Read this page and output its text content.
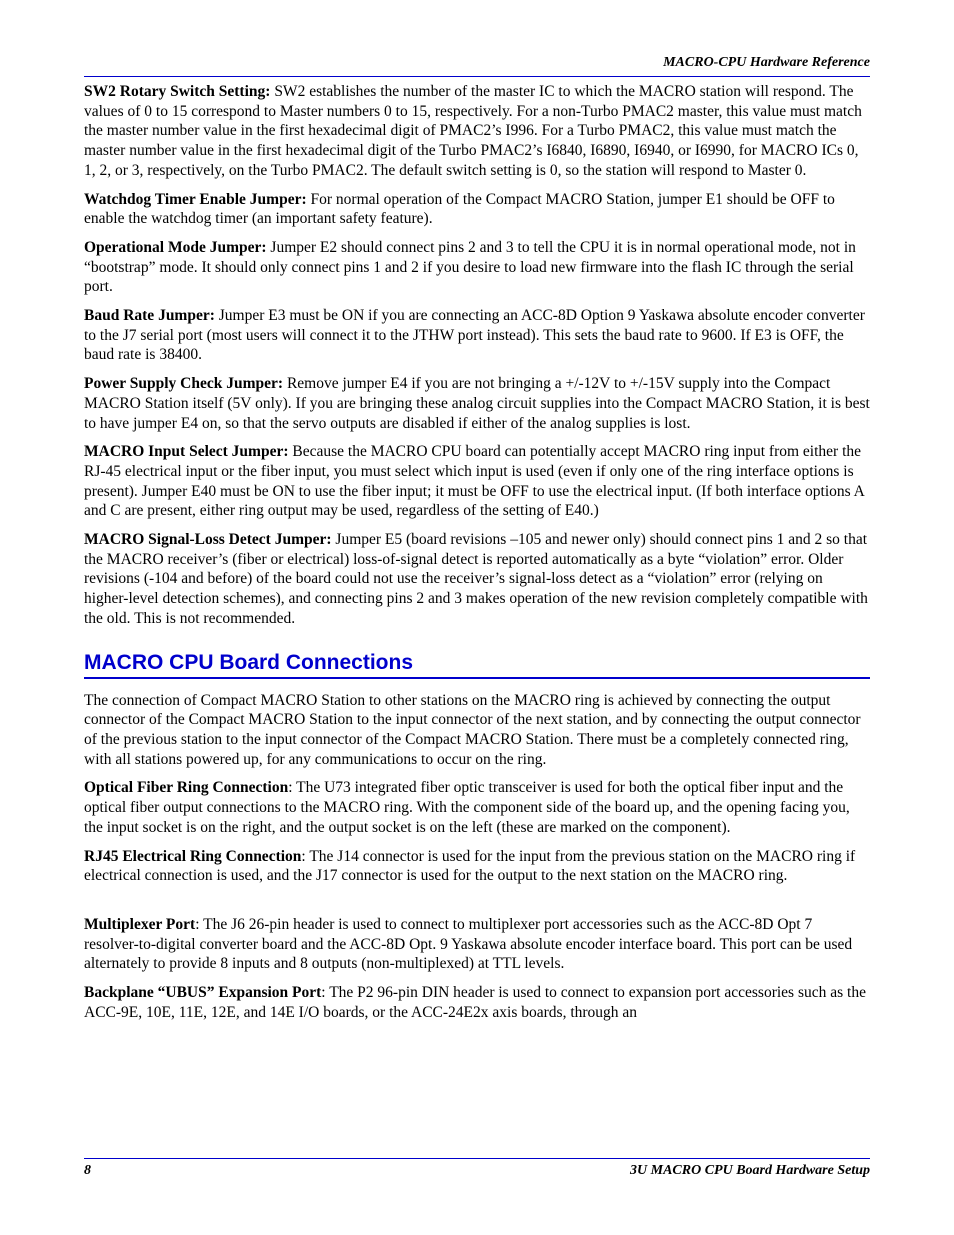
MACRO-CPU Hardware Reference

SW2 Rotary Switch Setting: SW2 establishes the number of the master IC to which the MACRO station will respond. The values of 0 to 15 correspond to Master numbers 0 to 15, respectively. For a non-Turbo PMAC2 master, this value must match the master number value in the first hexadecimal digit of PMAC2’s I996. For a Turbo PMAC2, this value must match the master number value in the first hexadecimal digit of the Turbo PMAC2’s I6840, I6890, I6940, or I6990, for MACRO ICs 0, 1, 2, or 3, respectively, on the Turbo PMAC2. The default switch setting is 0, so the station will respond to Master 0.

Watchdog Timer Enable Jumper: For normal operation of the Compact MACRO Station, jumper E1 should be OFF to enable the watchdog timer (an important safety feature).

Operational Mode Jumper: Jumper E2 should connect pins 2 and 3 to tell the CPU it is in normal operational mode, not in “bootstrap” mode. It should only connect pins 1 and 2 if you desire to load new firmware into the flash IC through the serial port.

Baud Rate Jumper: Jumper E3 must be ON if you are connecting an ACC-8D Option 9 Yaskawa absolute encoder converter to the J7 serial port (most users will connect it to the JTHW port instead). This sets the baud rate to 9600. If E3 is OFF, the baud rate is 38400.

Power Supply Check Jumper: Remove jumper E4 if you are not bringing a +/-12V to +/-15V supply into the Compact MACRO Station itself (5V only). If you are bringing these analog circuit supplies into the Compact MACRO Station, it is best to have jumper E4 on, so that the servo outputs are disabled if either of the analog supplies is lost.

MACRO Input Select Jumper: Because the MACRO CPU board can potentially accept MACRO ring input from either the RJ-45 electrical input or the fiber input, you must select which input is used (even if only one of the ring interface options is present). Jumper E40 must be ON to use the fiber input; it must be OFF to use the electrical input. (If both interface options A and C are present, either ring output may be used, regardless of the setting of E40.)

MACRO Signal-Loss Detect Jumper: Jumper E5 (board revisions –105 and newer only) should connect pins 1 and 2 so that the MACRO receiver’s (fiber or electrical) loss-of-signal detect is reported automatically as a byte “violation” error. Older revisions (-104 and before) of the board could not use the receiver’s signal-loss detect as a “violation” error (relying on higher-level detection schemes), and connecting pins 2 and 3 makes operation of the new revision completely compatible with the old. This is not recommended.

MACRO CPU Board Connections

The connection of Compact MACRO Station to other stations on the MACRO ring is achieved by connecting the output connector of the Compact MACRO Station to the input connector of the next station, and by connecting the output connector of the previous station to the input connector of the Compact MACRO Station. There must be a completely connected ring, with all stations powered up, for any communications to occur on the ring.

Optical Fiber Ring Connection: The U73 integrated fiber optic transceiver is used for both the optical fiber input and the optical fiber output connections to the MACRO ring. With the component side of the board up, and the opening facing you, the input socket is on the right, and the output socket is on the left (these are marked on the component).

RJ45 Electrical Ring Connection: The J14 connector is used for the input from the previous station on the MACRO ring if electrical connection is used, and the J17 connector is used for the output to the next station on the MACRO ring.

Multiplexer Port: The J6 26-pin header is used to connect to multiplexer port accessories such as the ACC-8D Opt 7 resolver-to-digital converter board and the ACC-8D Opt. 9 Yaskawa absolute encoder interface board. This port can be used alternately to provide 8 inputs and 8 outputs (non-multiplexed) at TTL levels.

Backplane “UBUS” Expansion Port: The P2 96-pin DIN header is used to connect to expansion port accessories such as the ACC-9E, 10E, 11E, 12E, and 14E I/O boards, or the ACC-24E2x axis boards, through an

8	3U MACRO CPU Board Hardware Setup
